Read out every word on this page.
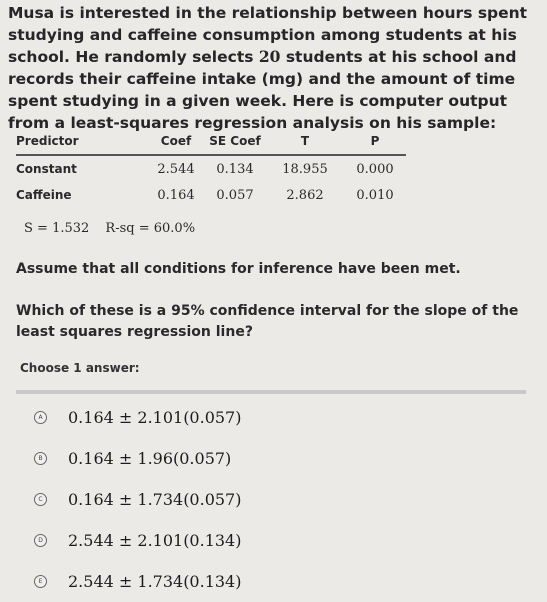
Musa is interested in the relationship between hours spent studying and caffeine consumption among students at his school. He randomly selects 20 students at his school and records their caffeine intake (mg) and the amount of time spent studying in a given week. Here is computer output from a least-squares regression analysis on his sample:
Predictor	Coef	SE Coef	T	P
Constant	2.544	0.134	18.955	0.000
Caffeine	0.164	0.057	2.862	0.010
S = 1.532 R-sq = 60.0%
Assume that all conditions for inference have been met.
Which of these is a 95% confidence interval for the slope of the least squares regression line?
Choose 1 answer:
A 0.164 ± 2.101(0.057)
B 0.164 ± 1.96(0.057)
C 0.164 ± 1.734(0.057)
D 2.544 ± 2.101(0.134)
E 2.544 ± 1.734(0.134)
